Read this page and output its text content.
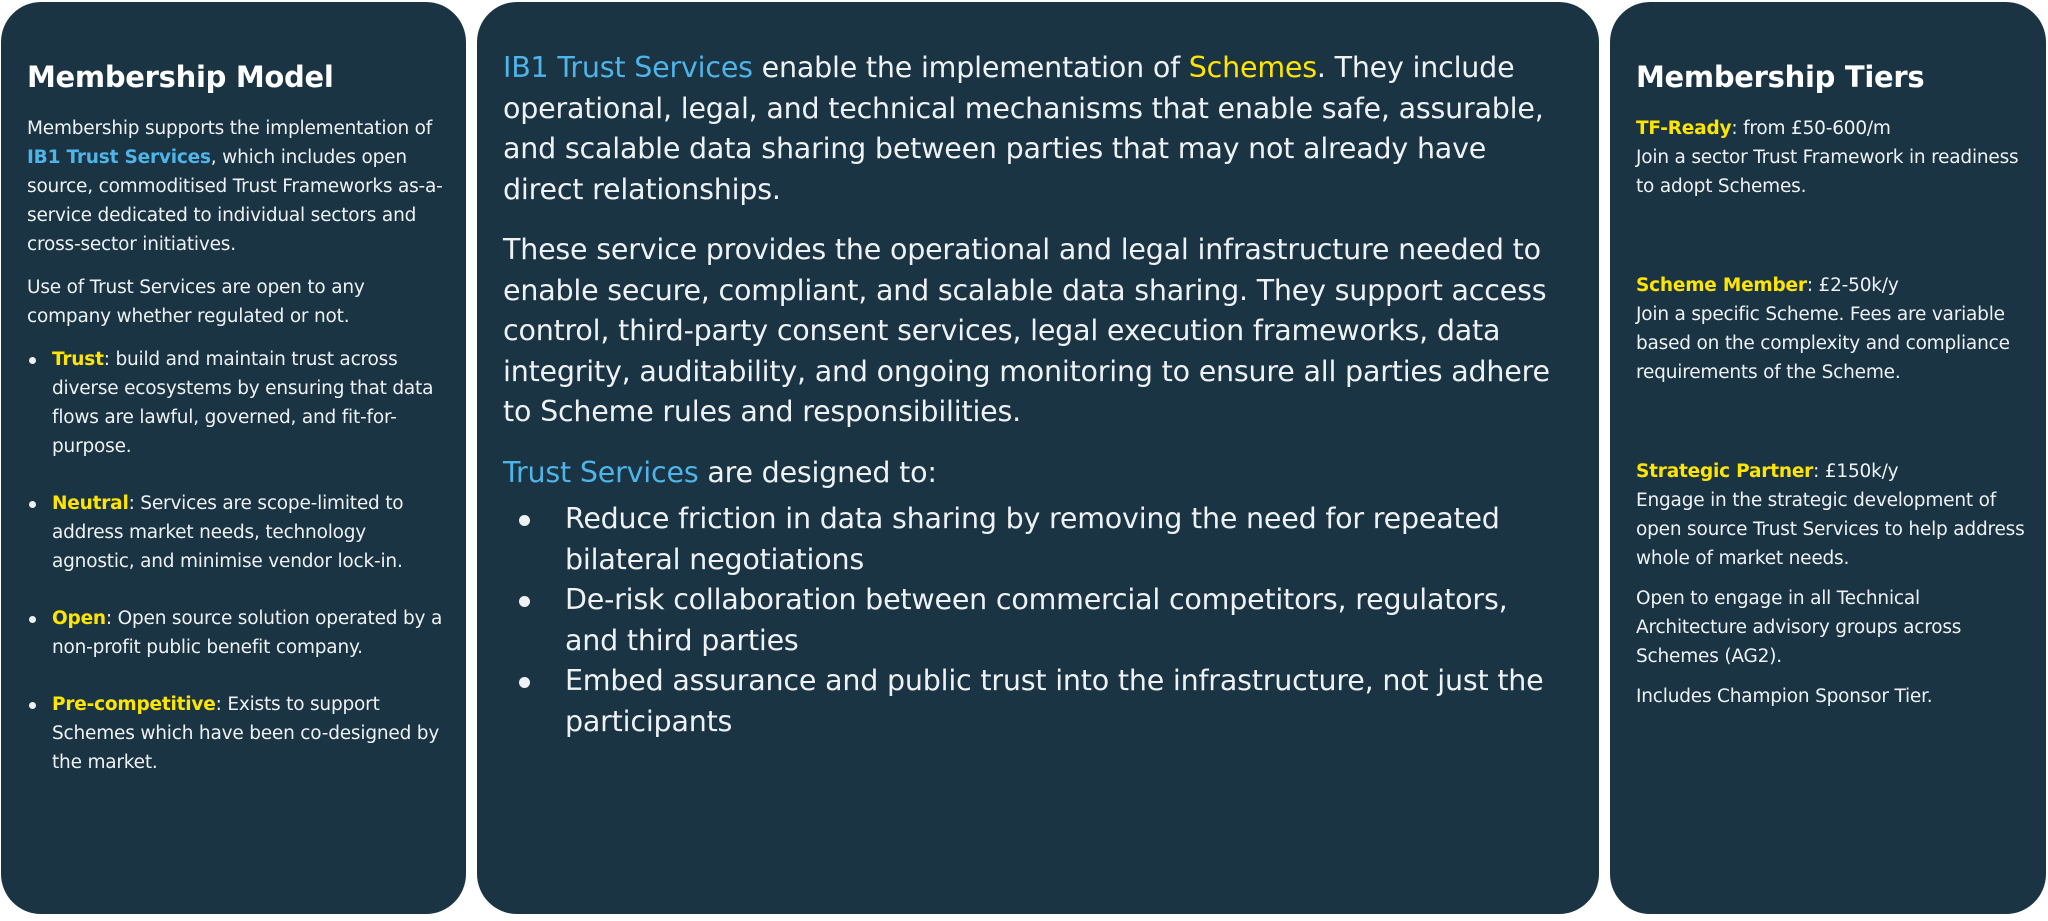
Membership Model

Membership supports the implementation of IB1 Trust Services, which includes open source, commoditised Trust Frameworks as-a-service dedicated to individual sectors and cross-sector initiatives.

Use of Trust Services are open to any company whether regulated or not.

Trust: build and maintain trust across diverse ecosystems by ensuring that data flows are lawful, governed, and fit-for-purpose.
Neutral: Services are scope-limited to address market needs, technology agnostic, and minimise vendor lock-in.
Open: Open source solution operated by a non-profit public benefit company.
Pre-competitive: Exists to support Schemes which have been co-designed by the market.

IB1 Trust Services enable the implementation of Schemes. They include operational, legal, and technical mechanisms that enable safe, assurable, and scalable data sharing between parties that may not already have direct relationships.

These service provides the operational and legal infrastructure needed to enable secure, compliant, and scalable data sharing. They support access control, third-party consent services, legal execution frameworks, data integrity, auditability, and ongoing monitoring to ensure all parties adhere to Scheme rules and responsibilities.

Trust Services are designed to:

Reduce friction in data sharing by removing the need for repeated bilateral negotiations
De-risk collaboration between commercial competitors, regulators, and third parties
Embed assurance and public trust into the infrastructure, not just the participants
Membership Tiers
TF-Ready: from £50-600/m
Join a sector Trust Framework in readiness to adopt Schemes.
Scheme Member: £2-50k/y
Join a specific Scheme. Fees are variable based on the complexity and compliance requirements of the Scheme.
Strategic Partner: £150k/y
Engage in the strategic development of open source Trust Services to help address whole of market needs.
Open to engage in all Technical Architecture advisory groups across Schemes (AG2).
Includes Champion Sponsor Tier.
